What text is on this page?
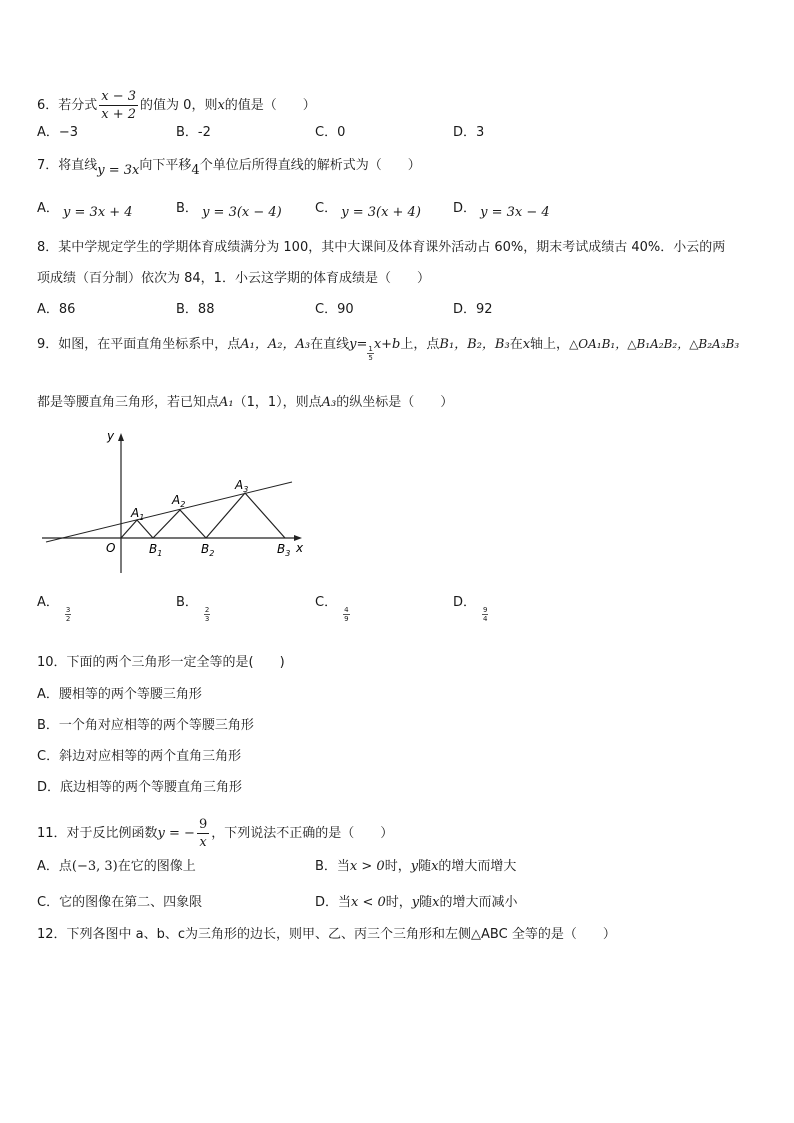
6．若分式 $\frac{x - 3}{x + 2}$ 的值为 0，则x的值是（　　）
A．−3	B．-2	C．0	D．3
7．将直线y = 3x向下平移4个单位后所得直线的解析式为（　　）
A． y = 3x + 4	B． y = 3(x − 4)	C． y = 3(x + 4) D． y = 3x − 4
8．某中学规定学生的学期体育成绩满分为 100，其中大课间及体育课外活动占 60%，期末考试成绩古 40%．小云的两
项成绩（百分制）依次为 84，1．小云这学期的体育成绩是（　　）
A．86	B．88	C．90	D．92
9．如图，在平面直角坐标系中，点A₁，A₂，A₃在直线y=
$\frac{1}{5}$
x+b上，点B₁，B₂，B₃在x轴上，△OA₁B₁，△B₁A₂B₂，△B₂A₃B₃
都是等腰直角三角形，若已知点A₁（1，1），则点A₃的纵坐标是（　　）
y
x
O
$A_1$
$A_2$
$A_3$
$B_1$	$B_2$	$B_3$
A．
$\frac{3}{2}$
B．
$\frac{2}{3}$
C．
$\frac{4}{9}$
D．
$\frac{9}{4}$
10．下面的两个三角形一定全等的是(　　)
A．腰相等的两个等腰三角形
B．一个角对应相等的两个等腰三角形
C．斜边对应相等的两个直角三角形
D．底边相等的两个等腰直角三角形
11．对于反比例函数y = − $\frac{9}{x}$ ，下列说法不正确的是（　　）
A．点(−3, 3)在它的图像上	B．当x > 0时，y随x的增大而增大
C．它的图像在第二、四象限	D．当x < 0时，y随x的增大而减小
12．下列各图中 a、b、c为三角形的边长，则甲、乙、丙三个三角形和左侧△ABC 全等的是（　　）
